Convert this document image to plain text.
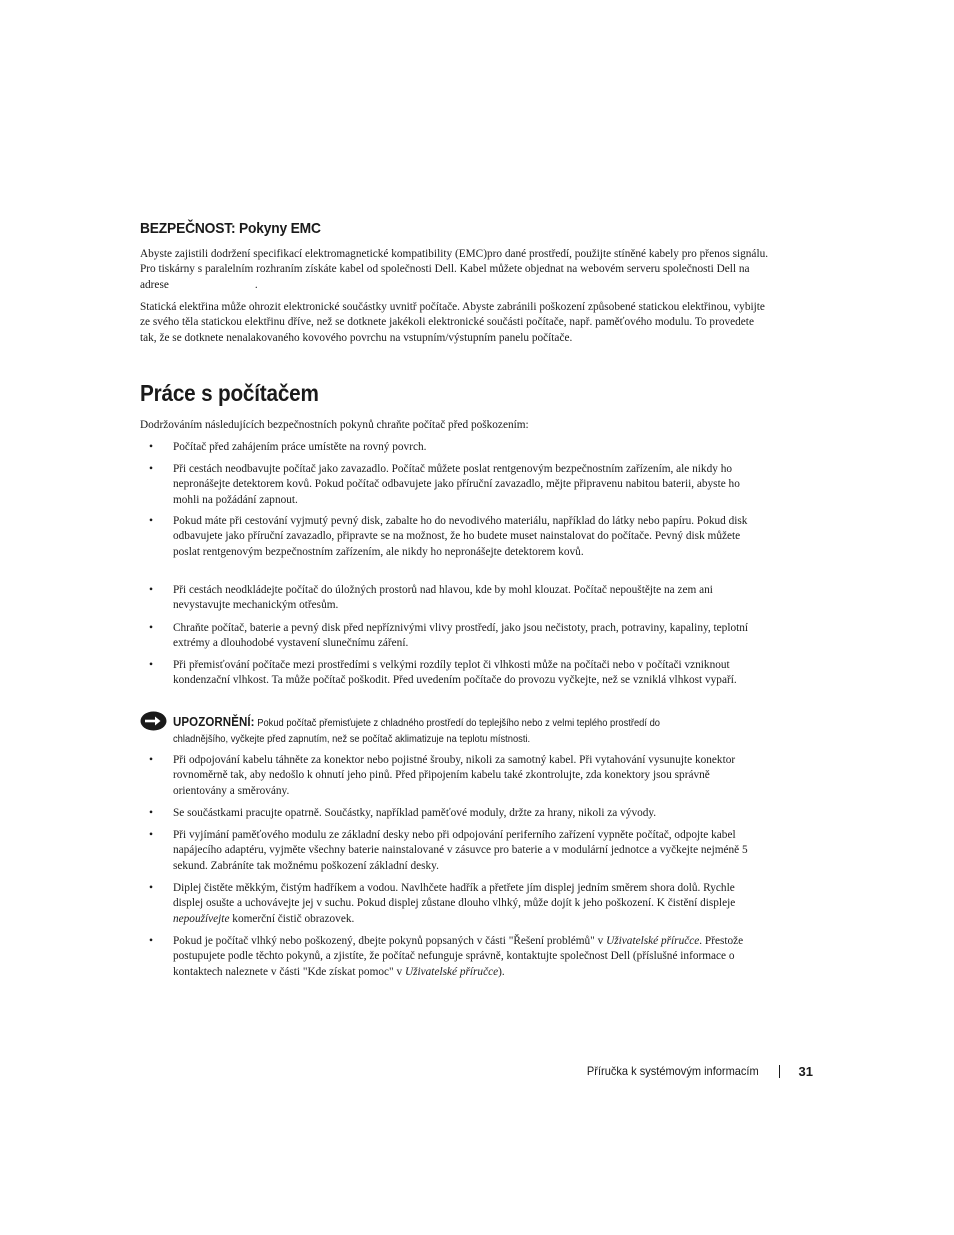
BEZPEČNOST: Pokyny EMC

Abyste zajistili dodržení specifikací elektromagnetické kompatibility (EMC)pro dané prostředí, použijte stíněné kabely pro přenos signálu. Pro tiskárny s paralelním rozhraním získáte kabel od společnosti Dell. Kabel můžete objednat na webovém serveru společnosti Dell na adrese	.

Statická elektřina může ohrozit elektronické součástky uvnitř počítače. Abyste zabránili poškození způsobené statickou elektřinou, vybijte ze svého těla statickou elektřinu dříve, než se dotknete jakékoli elektronické součásti počítače, např. paměťového modulu. To provedete tak, že se dotknete nenalakovaného kovového povrchu na vstupním/výstupním panelu počítače.

Práce s počítačem

Dodržováním následujících bezpečnostních pokynů chraňte počítač před poškozením:

• Počítač před zahájením práce umístěte na rovný povrch.

• Při cestách neodbavujte počítač jako zavazadlo. Počítač můžete poslat rentgenovým bezpečnostním zařízením, ale nikdy ho nepronášejte detektorem kovů. Pokud počítač odbavujete jako příruční zavazadlo, mějte připravenu nabitou baterii, abyste ho mohli na požádání zapnout.

• Pokud máte při cestování vyjmutý pevný disk, zabalte ho do nevodivého materiálu, například do látky nebo papíru. Pokud disk odbavujete jako příruční zavazadlo, připravte se na možnost, že ho budete muset nainstalovat do počítače. Pevný disk můžete poslat rentgenovým bezpečnostním zařízením, ale nikdy ho nepronášejte detektorem kovů.

• Při cestách neodkládejte počítač do úložných prostorů nad hlavou, kde by mohl klouzat. Počítač nepouštějte na zem ani nevystavujte mechanickým otřesům.

• Chraňte počítač, baterie a pevný disk před nepříznivými vlivy prostředí, jako jsou nečistoty, prach, potraviny, kapaliny, teplotní extrémy a dlouhodobé vystavení slunečnímu záření.

• Při přemisťování počítače mezi prostředími s velkými rozdíly teplot či vlhkosti může na počítači nebo v počítači vzniknout kondenzační vlhkost. Ta může počítač poškodit. Před uvedením počítače do provozu vyčkejte, než se vzniklá vlhkost vypaří.

UPOZORNĚNÍ: Pokud počítač přemisťujete z chladného prostředí do teplejšího nebo z velmi teplého prostředí do chladnějšího, vyčkejte před zapnutím, než se počítač aklimatizuje na teplotu místnosti.

• Při odpojování kabelu táhněte za konektor nebo pojistné šrouby, nikoli za samotný kabel. Při vytahování vysunujte konektor rovnoměrně tak, aby nedošlo k ohnutí jeho pinů. Před připojením kabelu také zkontrolujte, zda konektory jsou správně orientovány a směrovány.

• Se součástkami pracujte opatrně. Součástky, například paměťové moduly, držte za hrany, nikoli za vývody.

• Při vyjímání paměťového modulu ze základní desky nebo při odpojování periferního zařízení vypněte počítač, odpojte kabel napájecího adaptéru, vyjměte všechny baterie nainstalované v zásuvce pro baterie a v modulární jednotce a vyčkejte nejméně 5 sekund. Zabráníte tak možnému poškození základní desky.

• Diplej čistěte měkkým, čistým hadříkem a vodou. Navlhčete hadřík a přetřete jím displej jedním směrem shora dolů. Rychle displej osušte a uchovávejte jej v suchu. Pokud displej zůstane dlouho vlhký, může dojít k jeho poškození. K čistění displeje nepoužívejte komerční čistič obrazovek.

• Pokud je počítač vlhký nebo poškozený, dbejte pokynů popsaných v části "Řešení problémů" v Uživatelské příručce. Přestože postupujete podle těchto pokynů, a zjistíte, že počítač nefunguje správně, kontaktujte společnost Dell (příslušné informace o kontaktech naleznete v části "Kde získat pomoc" v Uživatelské příručce).

Příručka k systémovým informacím	31
